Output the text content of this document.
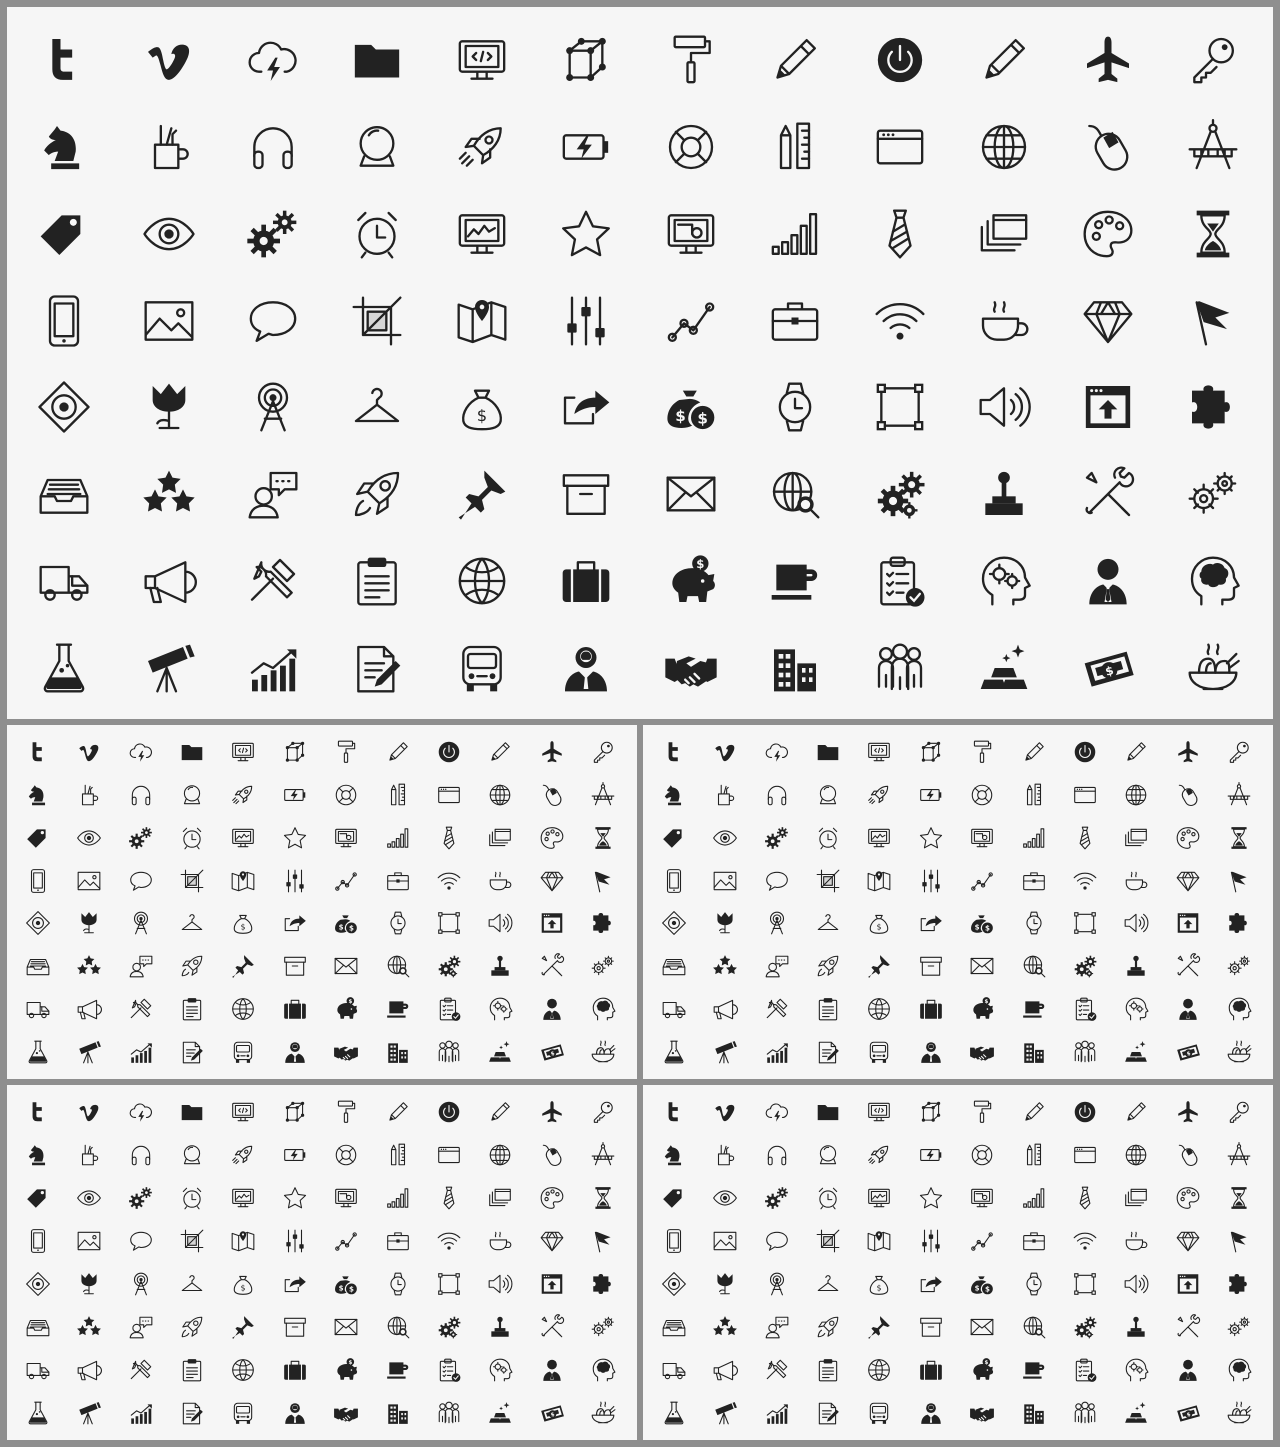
$	$
$
$
$
$	$
$
$
$
$	$
$
$
$
$	$
$
$
$
$	$
$
$
$
